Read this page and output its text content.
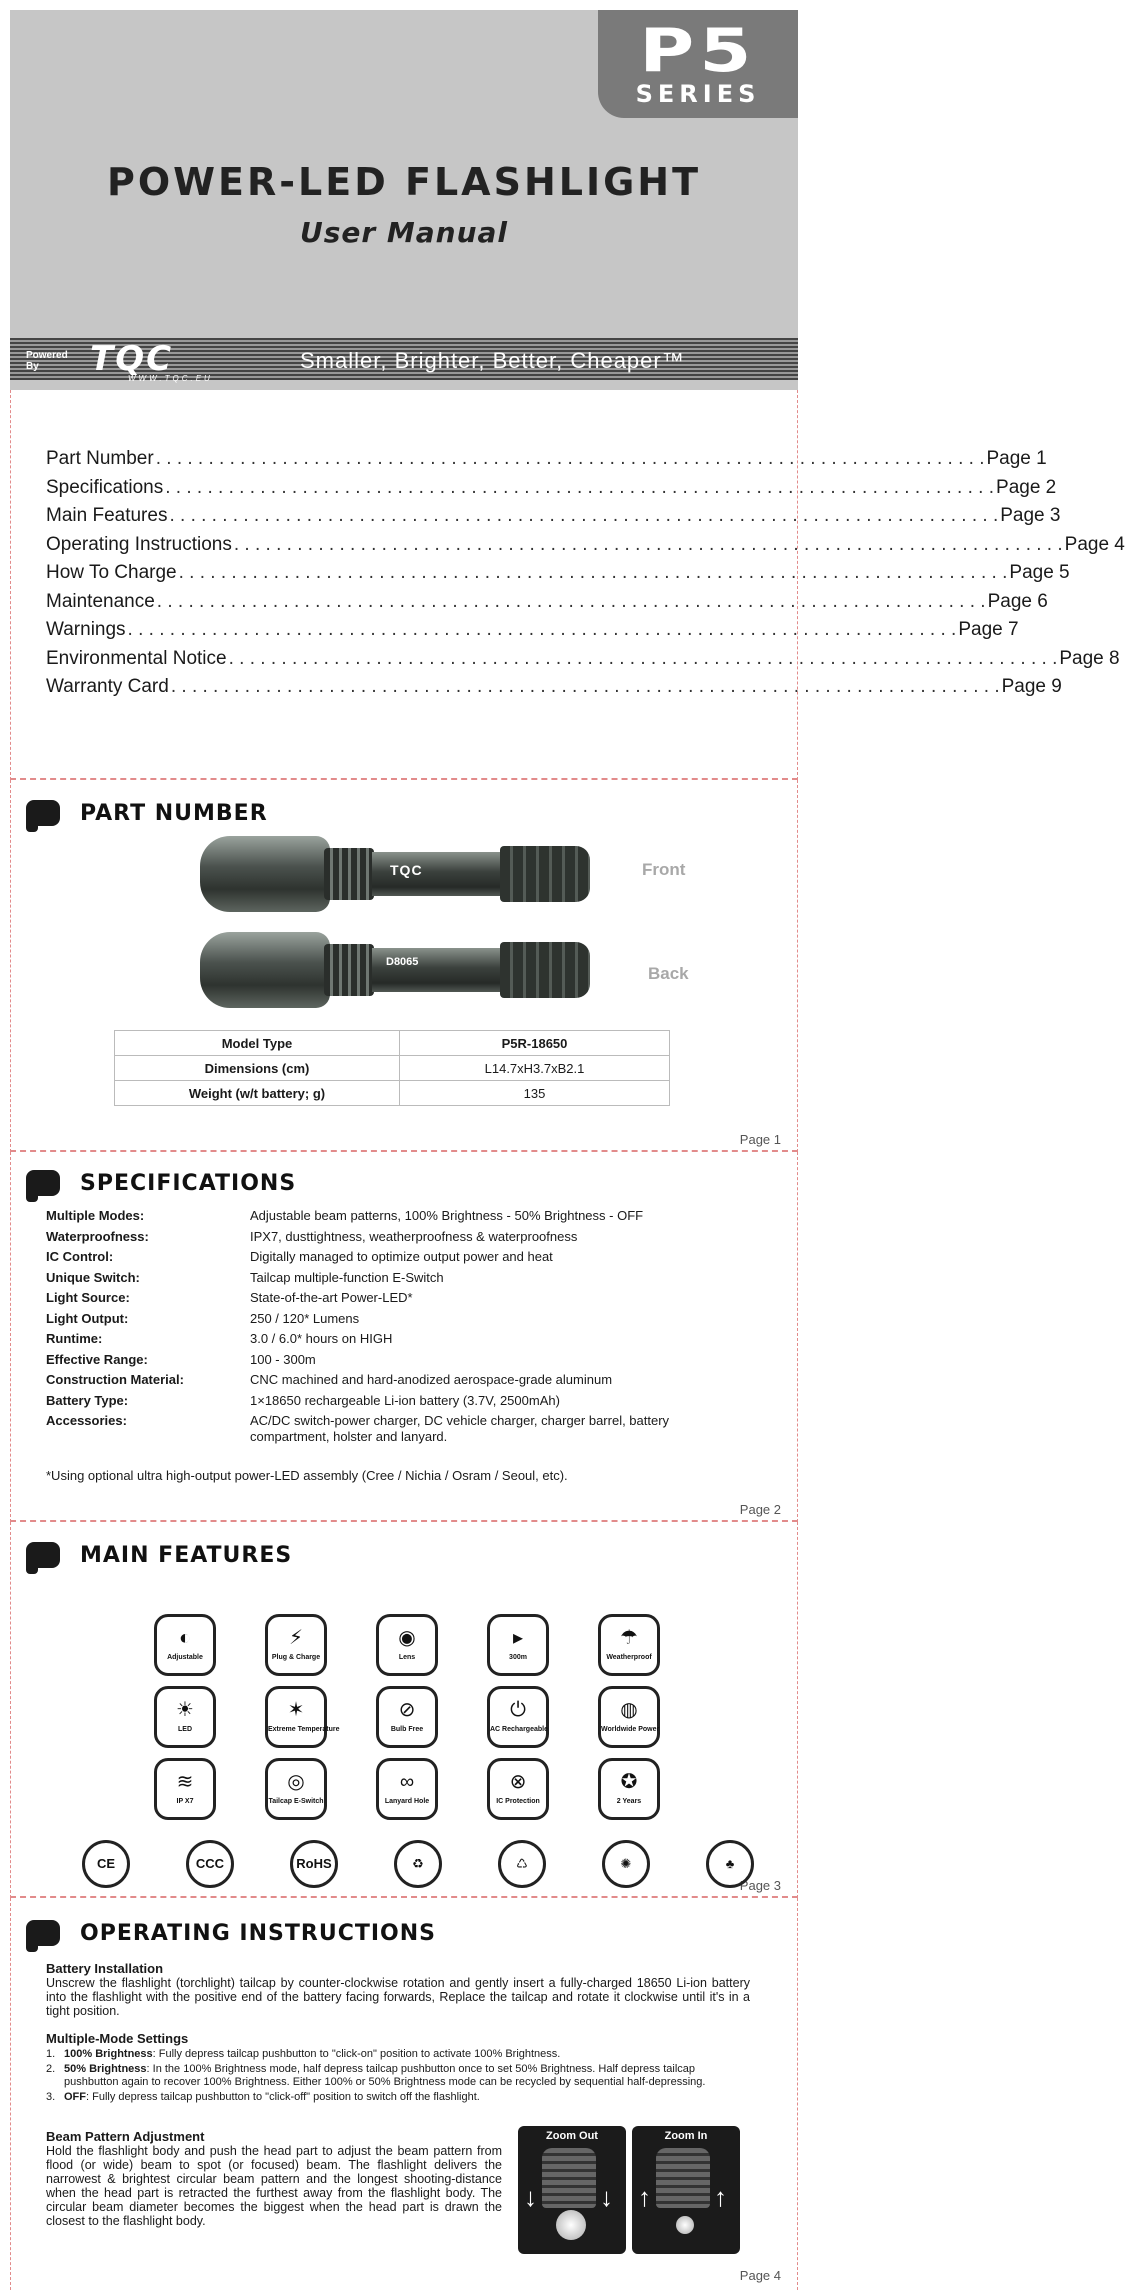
P5
SERIES
POWER-LED FLASHLIGHT
User Manual
Powered By	TQC
WWW.TQC.EU
Smaller, Brighter, Better, Cheaper™
Part Number . . .	Page 1
Specifications . . .	Page 2
Main Features . . .	Page 3
Operating Instructions . . .	Page 4
How To Charge . . .	Page 5
Maintenance . . .	Page 6
Warnings . . .	Page 7
Environmental Notice . . .	Page 8
Warranty Card . . .	Page 9
Page 1
PART NUMBER
TQC	Front
D8065
Back
Model Type	P5R-18650
Dimensions (cm)	L14.7xH3.7xB2.1
Weight (w/t battery; g)	135
Page 2
SPECIFICATIONS
Multiple Modes:	Adjustable beam patterns, 100% Brightness - 50% Brightness - OFF
Waterproofness:	IPX7, dusttightness, weatherproofness & waterproofness
IC Control:	Digitally managed to optimize output power and heat
Unique Switch:	Tailcap multiple-function E-Switch
Light Source:	State-of-the-art Power-LED*
Light Output:	250 / 120* Lumens
Runtime:	3.0 / 6.0* hours on HIGH
Effective Range:	100 - 300m
Construction Material:	CNC machined and hard-anodized aerospace-grade aluminum
Battery Type:	1×18650 rechargeable Li-ion battery (3.7V, 2500mAh)
Accessories:	AC/DC switch-power charger, DC vehicle charger, charger barrel, battery compartment, holster and lanyard.
*Using optional ultra high-output power-LED assembly (Cree / Nichia / Osram / Seoul, etc).
Page 3
MAIN FEATURES
◐
Adjustable
⚡
Plug & Charge
◉
Lens
▸
300m
☂
Weatherproof
☀
LED
✶
Extreme Temperature
⊘
Bulb Free
⏻
AC Rechargeable
◍
Worldwide Power
≋
IP X7
◎
Tailcap E-Switch
∞
Lanyard Hole
⊗
IC Protection
✪
2 Years
CE	CCC	RoHS	♻	♺	✺	♣
Page 4
OPERATING INSTRUCTIONS
Battery Installation
Unscrew the flashlight (torchlight) tailcap by counter-clockwise rotation and gently insert a fully-charged 18650 Li-ion battery into the flashlight with the positive end of the battery facing forwards, Replace the tailcap and rotate it clockwise until it's in a tight position.
Multiple-Mode Settings
1. 100% Brightness: Fully depress tailcap pushbutton to "click-on" position to activate 100% Brightness.
2. 50% Brightness: In the 100% Brightness mode, half depress tailcap pushbutton once to set 50% Brightness. Half depress tailcap pushbutton again to recover 100% Brightness. Either 100% or 50% Brightness mode can be recycled by sequential half-depressing.
3. OFF: Fully depress tailcap pushbutton to "click-off" position to switch off the flashlight.
Beam Pattern Adjustment
Hold the flashlight body and push the head part to adjust the beam pattern from flood (or wide) beam to spot (or focused) beam. The flashlight delivers the narrowest & brightest circular beam pattern and the longest shooting-distance when the head part is retracted the furthest away from the flashlight body. The circular beam diameter becomes the biggest when the head part is drawn the closest to the flashlight body.
Zoom Out
↓ ↓
Zoom In
↑ ↑
